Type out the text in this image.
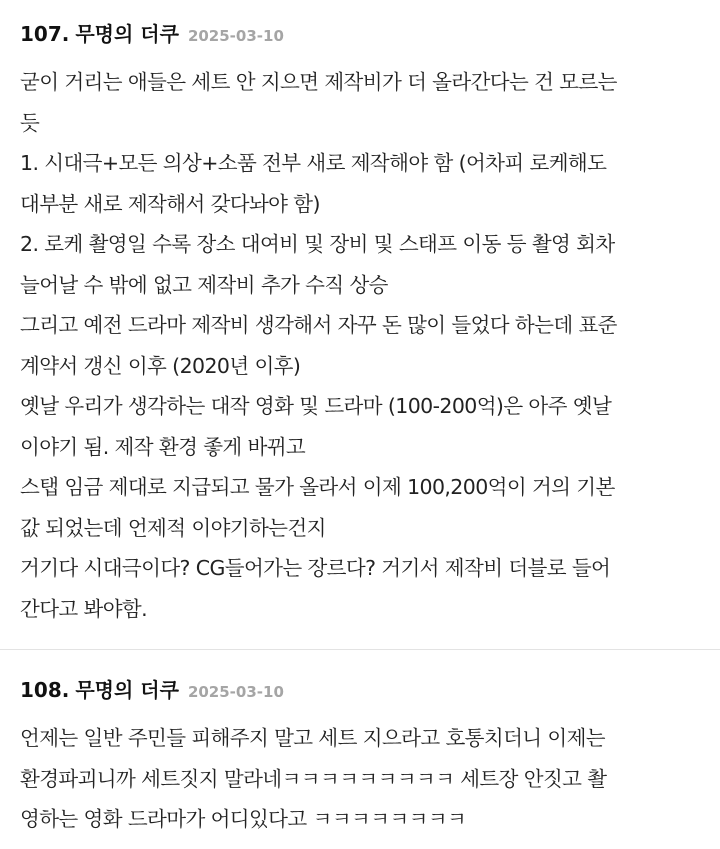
107. 무명의 더쿠 2025-03-10
굳이 거리는 애들은 세트 안 지으면 제작비가 더 올라간다는 건 모르는
듯
1. 시대극+모든 의상+소품 전부 새로 제작해야 함 (어차피 로케해도
대부분 새로 제작해서 갖다놔야 함)
2. 로케 촬영일 수록 장소 대여비 및 장비 및 스태프 이동 등 촬영 회차
늘어날 수 밖에 없고 제작비 추가 수직 상승
그리고 예전 드라마 제작비 생각해서 자꾸 돈 많이 들었다 하는데 표준
계약서 갱신 이후 (2020년 이후)
옛날 우리가 생각하는 대작 영화 및 드라마 (100-200억)은 아주 옛날
이야기 됨. 제작 환경 좋게 바뀌고
스탭 임금 제대로 지급되고 물가 올라서 이제 100,200억이 거의 기본
값 되었는데 언제적 이야기하는건지
거기다 시대극이다? CG들어가는 장르다? 거기서 제작비 더블로 들어
간다고 봐야함.
108. 무명의 더쿠 2025-03-10
언제는 일반 주민들 피해주지 말고 세트 지으라고 호통치더니 이제는
환경파괴니까 세트짓지 말라네ㅋㅋㅋㅋㅋㅋㅋㅋㅋ 세트장 안짓고 촬
영하는 영화 드라마가 어디있다고 ㅋㅋㅋㅋㅋㅋㅋㅋ
